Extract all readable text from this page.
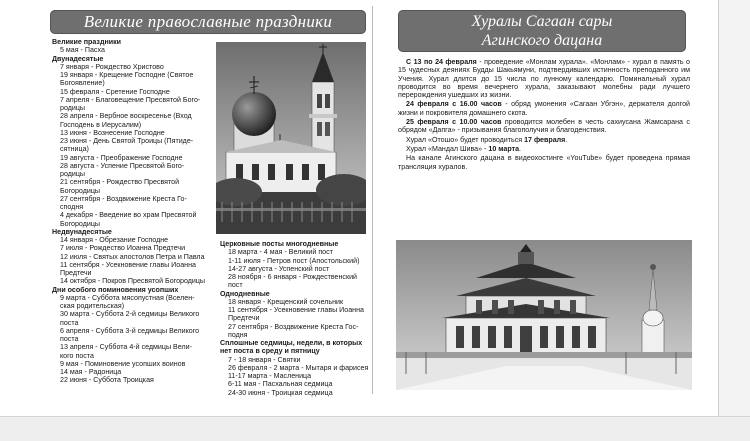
Великие православные праздники
Великие праздники
5 мая - Пасха
Двунадесятые
7 января - Рождество Христово
19 января - Крещение Господне (Святое
Богоявление)
15 февраля - Сретение Господне
7 апреля - Благовещение Пресвятой Бого-
родицы
28 апреля - Вербное воскресенье (Вход
Господень в Иерусалим)
13 июня - Вознесение Господне
23 июня - День Святой Троицы (Пятиде-
сятница)
19 августа - Преображение Господне
28 августа - Успение Пресвятой Бого-
родицы
21 сентября - Рождество Пресвятой Богородицы
27 сентября - Воздвижение Креста Го-
сподня
4 декабря - Введение во храм Пресвятой
Богородицы
Недвунадесятые
14 января - Обрезание Господне
7 июля - Рождество Иоанна Предтечи
12 июля - Святых апостолов Петра и Павла
11 сентября - Усекновение главы Иоанна
Предтечи
14 октября - Покров Пресвятой Богородицы
Дни особого поминовения усопших
9 марта - Суббота мясопустная (Вселен-
ская родительская)
30 марта - Суббота 2-й седмицы Великого
поста
6 апреля - Суббота 3-й седмицы Великого
поста
13 апреля - Суббота 4-й седмицы Вели-
кого поста
9 мая - Поминовение усопших воинов
14 мая - Радоница
22 июня - Суббота Троицкая
Церковные посты многодневные
18 марта - 4 мая - Великий пост
1-11 июля - Петров пост (Апостольский)
14-27 августа - Успенский пост
28 ноября - 6 января - Рождественский пост
Однодневные
18 января - Крещенский сочельник
11 сентября - Усекновение главы Иоанна
Предтечи
27 сентября - Воздвижение Креста Гос-
подня
Сплошные седмицы, недели, в которых
нет поста в среду и пятницу
7 - 18 января - Святки
26 февраля - 2 марта - Мытаря и фарисея
11-17 марта - Масленица
6-11 мая - Пасхальная седмица
24-30 июня - Троицкая седмица
Хуралы Сагаан сары
Агинского дацана

С 13 по 24 февраля - проведение «Монлам хурала». «Монлам» - хурал в память о 15 чудесных деяниях Будды Шакьямуни, подтвердивших истинность преподанного им Учения. Хурал длится до 15 числа по лунному календарю. Поминальный хурал проводится во время вечернего хурала, заказывают молебны ради лучшего перерождения ушедших из жизни.

24 февраля с 16.00 часов - обряд умонения «Сагаан Убгэн», держателя долгой жизни и покровителя домашнего скота.

25 февраля с 10.00 часов проводится молебен в честь сахиусана Жамсарана с обрядом «Дапга» - призывания благополучия и благоденствия.

Хурал «Отошо» будет проводиться 17 февраля.

Хурал «Мандал Шива» - 10 марта.

На канале Агинского дацана в видеохостинге «YouTube» будет проведена прямая трансляция хуралов.
